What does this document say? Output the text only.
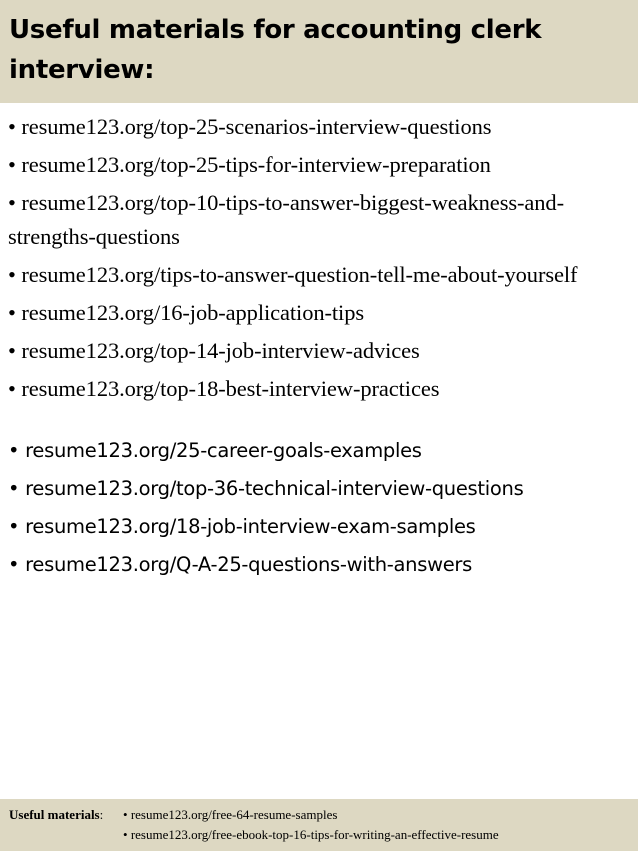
Useful materials for accounting clerk interview:
• resume123.org/top-25-scenarios-interview-questions
• resume123.org/top-25-tips-for-interview-preparation
• resume123.org/top-10-tips-to-answer-biggest-weakness-and-strengths-questions
• resume123.org/tips-to-answer-question-tell-me-about-yourself
• resume123.org/16-job-application-tips
• resume123.org/top-14-job-interview-advices
• resume123.org/top-18-best-interview-practices
• resume123.org/25-career-goals-examples
• resume123.org/top-36-technical-interview-questions
• resume123.org/18-job-interview-exam-samples
• resume123.org/Q-A-25-questions-with-answers
Useful materials: • resume123.org/free-64-resume-samples
• resume123.org/free-ebook-top-16-tips-for-writing-an-effective-resume
